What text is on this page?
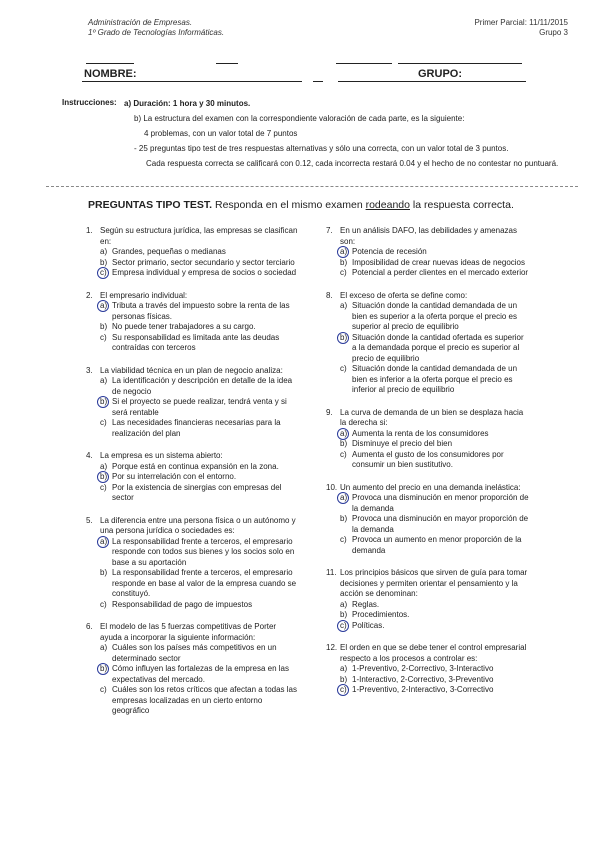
Administración de Empresas.
1º Grado de Tecnologías Informáticas.
Primer Parcial: 11/11/2015
Grupo 3
NOMBRE:	GRUPO:
Instrucciones: a) Duración: 1 hora y 30 minutos.

b) La estructura del examen con la correspondiente valoración de cada parte, es la siguiente:

4 problemas, con un valor total de 7 puntos

- 25 preguntas tipo test de tres respuestas alternativas y sólo una correcta, con un valor total de 3 puntos.

Cada respuesta correcta se calificará con 0.12, cada incorrecta restará 0.04 y el hecho de no contestar no puntuará.

PREGUNTAS TIPO TEST. Responda en el mismo examen rodeando la respuesta correcta.
1. Según su estructura jurídica, las empresas se clasifican en:

a) Grandes, pequeñas o medianas

b) Sector primario, sector secundario y sector terciario

c) Empresa individual y empresa de socios o sociedad

2. El empresario individual:

a) Tributa a través del impuesto sobre la renta de las personas físicas.

b) No puede tener trabajadores a su cargo.

c) Su responsabilidad es limitada ante las deudas contraídas con terceros

3. La viabilidad técnica en un plan de negocio analiza:

a) La identificación y descripción en detalle de la idea de negocio

b) Si el proyecto se puede realizar, tendrá venta y si será rentable

c) Las necesidades financieras necesarias para la realización del plan

4. La empresa es un sistema abierto:

a) Porque está en continua expansión en la zona.

b) Por su interrelación con el entorno.

c) Por la existencia de sinergias con empresas del sector

5. La diferencia entre una persona física o un autónomo y una persona jurídica o sociedades es:

a) La responsabilidad frente a terceros, el empresario responde con todos sus bienes y los socios solo en base a su aportación

b) La responsabilidad frente a terceros, el empresario responde en base al valor de la empresa cuando se constituyó.

c) Responsabilidad de pago de impuestos

6. El modelo de las 5 fuerzas competitivas de Porter ayuda a incorporar la siguiente información:

a) Cuáles son los países más competitivos en un determinado sector

b) Cómo influyen las fortalezas de la empresa en las expectativas del mercado.

c) Cuáles son los retos críticos que afectan a todas las empresas localizadas en un cierto entorno geográfico

7. En un análisis DAFO, las debilidades y amenazas son:

a) Potencia de recesión

b) Imposibilidad de crear nuevas ideas de negocios

c) Potencial a perder clientes en el mercado exterior

8. El exceso de oferta se define como:

a) Situación donde la cantidad demandada de un bien es superior a la oferta porque el precio es superior al precio de equilibrio

b) Situación donde la cantidad ofertada es superior a la demandada porque el precio es superior al precio de equilibrio

c) Situación donde la cantidad demandada de un bien es inferior a la oferta porque el precio es inferior al precio de equilibrio

9. La curva de demanda de un bien se desplaza hacia la derecha si:

a) Aumenta la renta de los consumidores

b) Disminuye el precio del bien

c) Aumenta el gusto de los consumidores por consumir un bien sustitutivo.

10. Un aumento del precio en una demanda inelástica:

a) Provoca una disminución en menor proporción de la demanda

b) Provoca una disminución en mayor proporción de la demanda

c) Provoca un aumento en menor proporción de la demanda

11. Los principios básicos que sirven de guía para tomar decisiones y permiten orientar el pensamiento y la acción se denominan:

a) Reglas.

b) Procedimientos.

c) Políticas.

12. El orden en que se debe tener el control empresarial respecto a los procesos a controlar es:

a) 1-Preventivo, 2-Correctivo, 3-Interactivo

b) 1-Interactivo, 2-Correctivo, 3-Preventivo

c) 1-Preventivo, 2-Interactivo, 3-Correctivo
